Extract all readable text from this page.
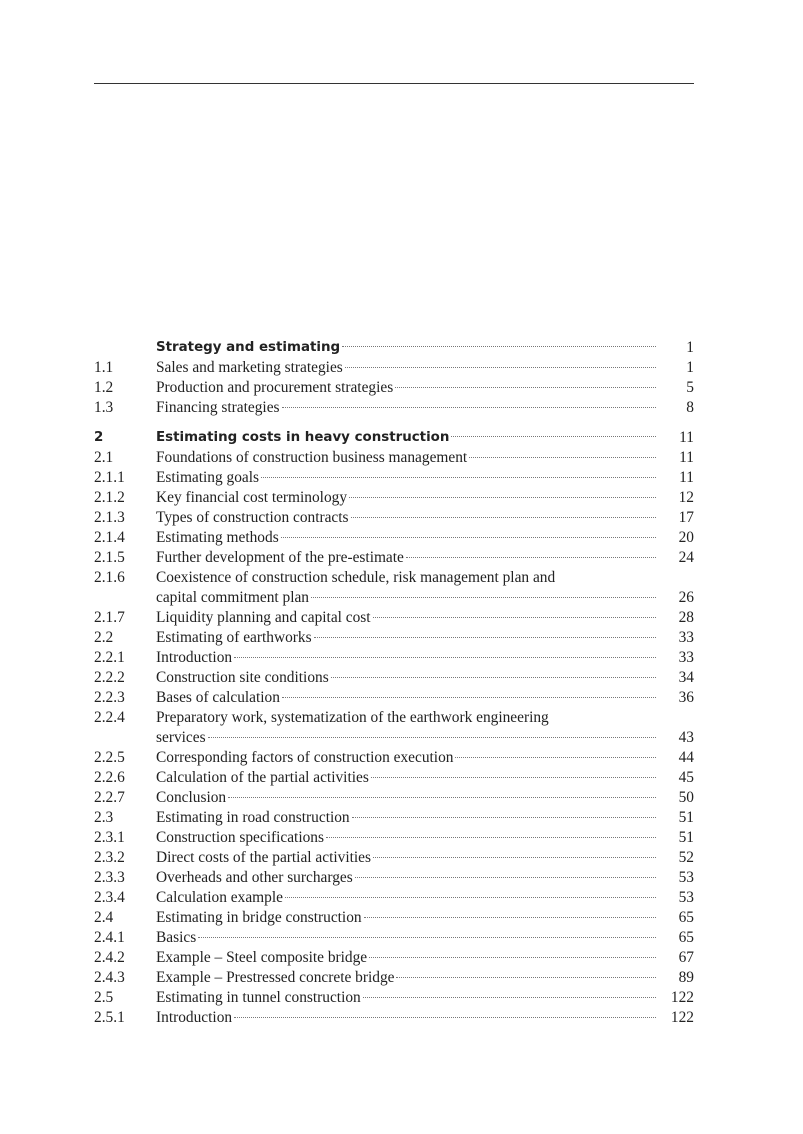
Strategy and estimating	1
1.1	Sales and marketing strategies	1
1.2	Production and procurement strategies	5
1.3	Financing strategies	8
2	Estimating costs in heavy construction	11
2.1	Foundations of construction business management	11
2.1.1	Estimating goals	11
2.1.2	Key financial cost terminology	12
2.1.3	Types of construction contracts	17
2.1.4	Estimating methods	20
2.1.5	Further development of the pre-estimate	24
2.1.6	Coexistence of construction schedule, risk management plan and
capital commitment plan	26
2.1.7	Liquidity planning and capital cost	28
2.2	Estimating of earthworks	33
2.2.1	Introduction	33
2.2.2	Construction site conditions	34
2.2.3	Bases of calculation	36
2.2.4	Preparatory work, systematization of the earthwork engineering
services	43
2.2.5	Corresponding factors of construction execution	44
2.2.6	Calculation of the partial activities	45
2.2.7	Conclusion	50
2.3	Estimating in road construction	51
2.3.1	Construction specifications	51
2.3.2	Direct costs of the partial activities	52
2.3.3	Overheads and other surcharges	53
2.3.4	Calculation example	53
2.4	Estimating in bridge construction	65
2.4.1	Basics	65
2.4.2	Example – Steel composite bridge	67
2.4.3	Example – Prestressed concrete bridge	89
2.5	Estimating in tunnel construction	122
2.5.1	Introduction	122
